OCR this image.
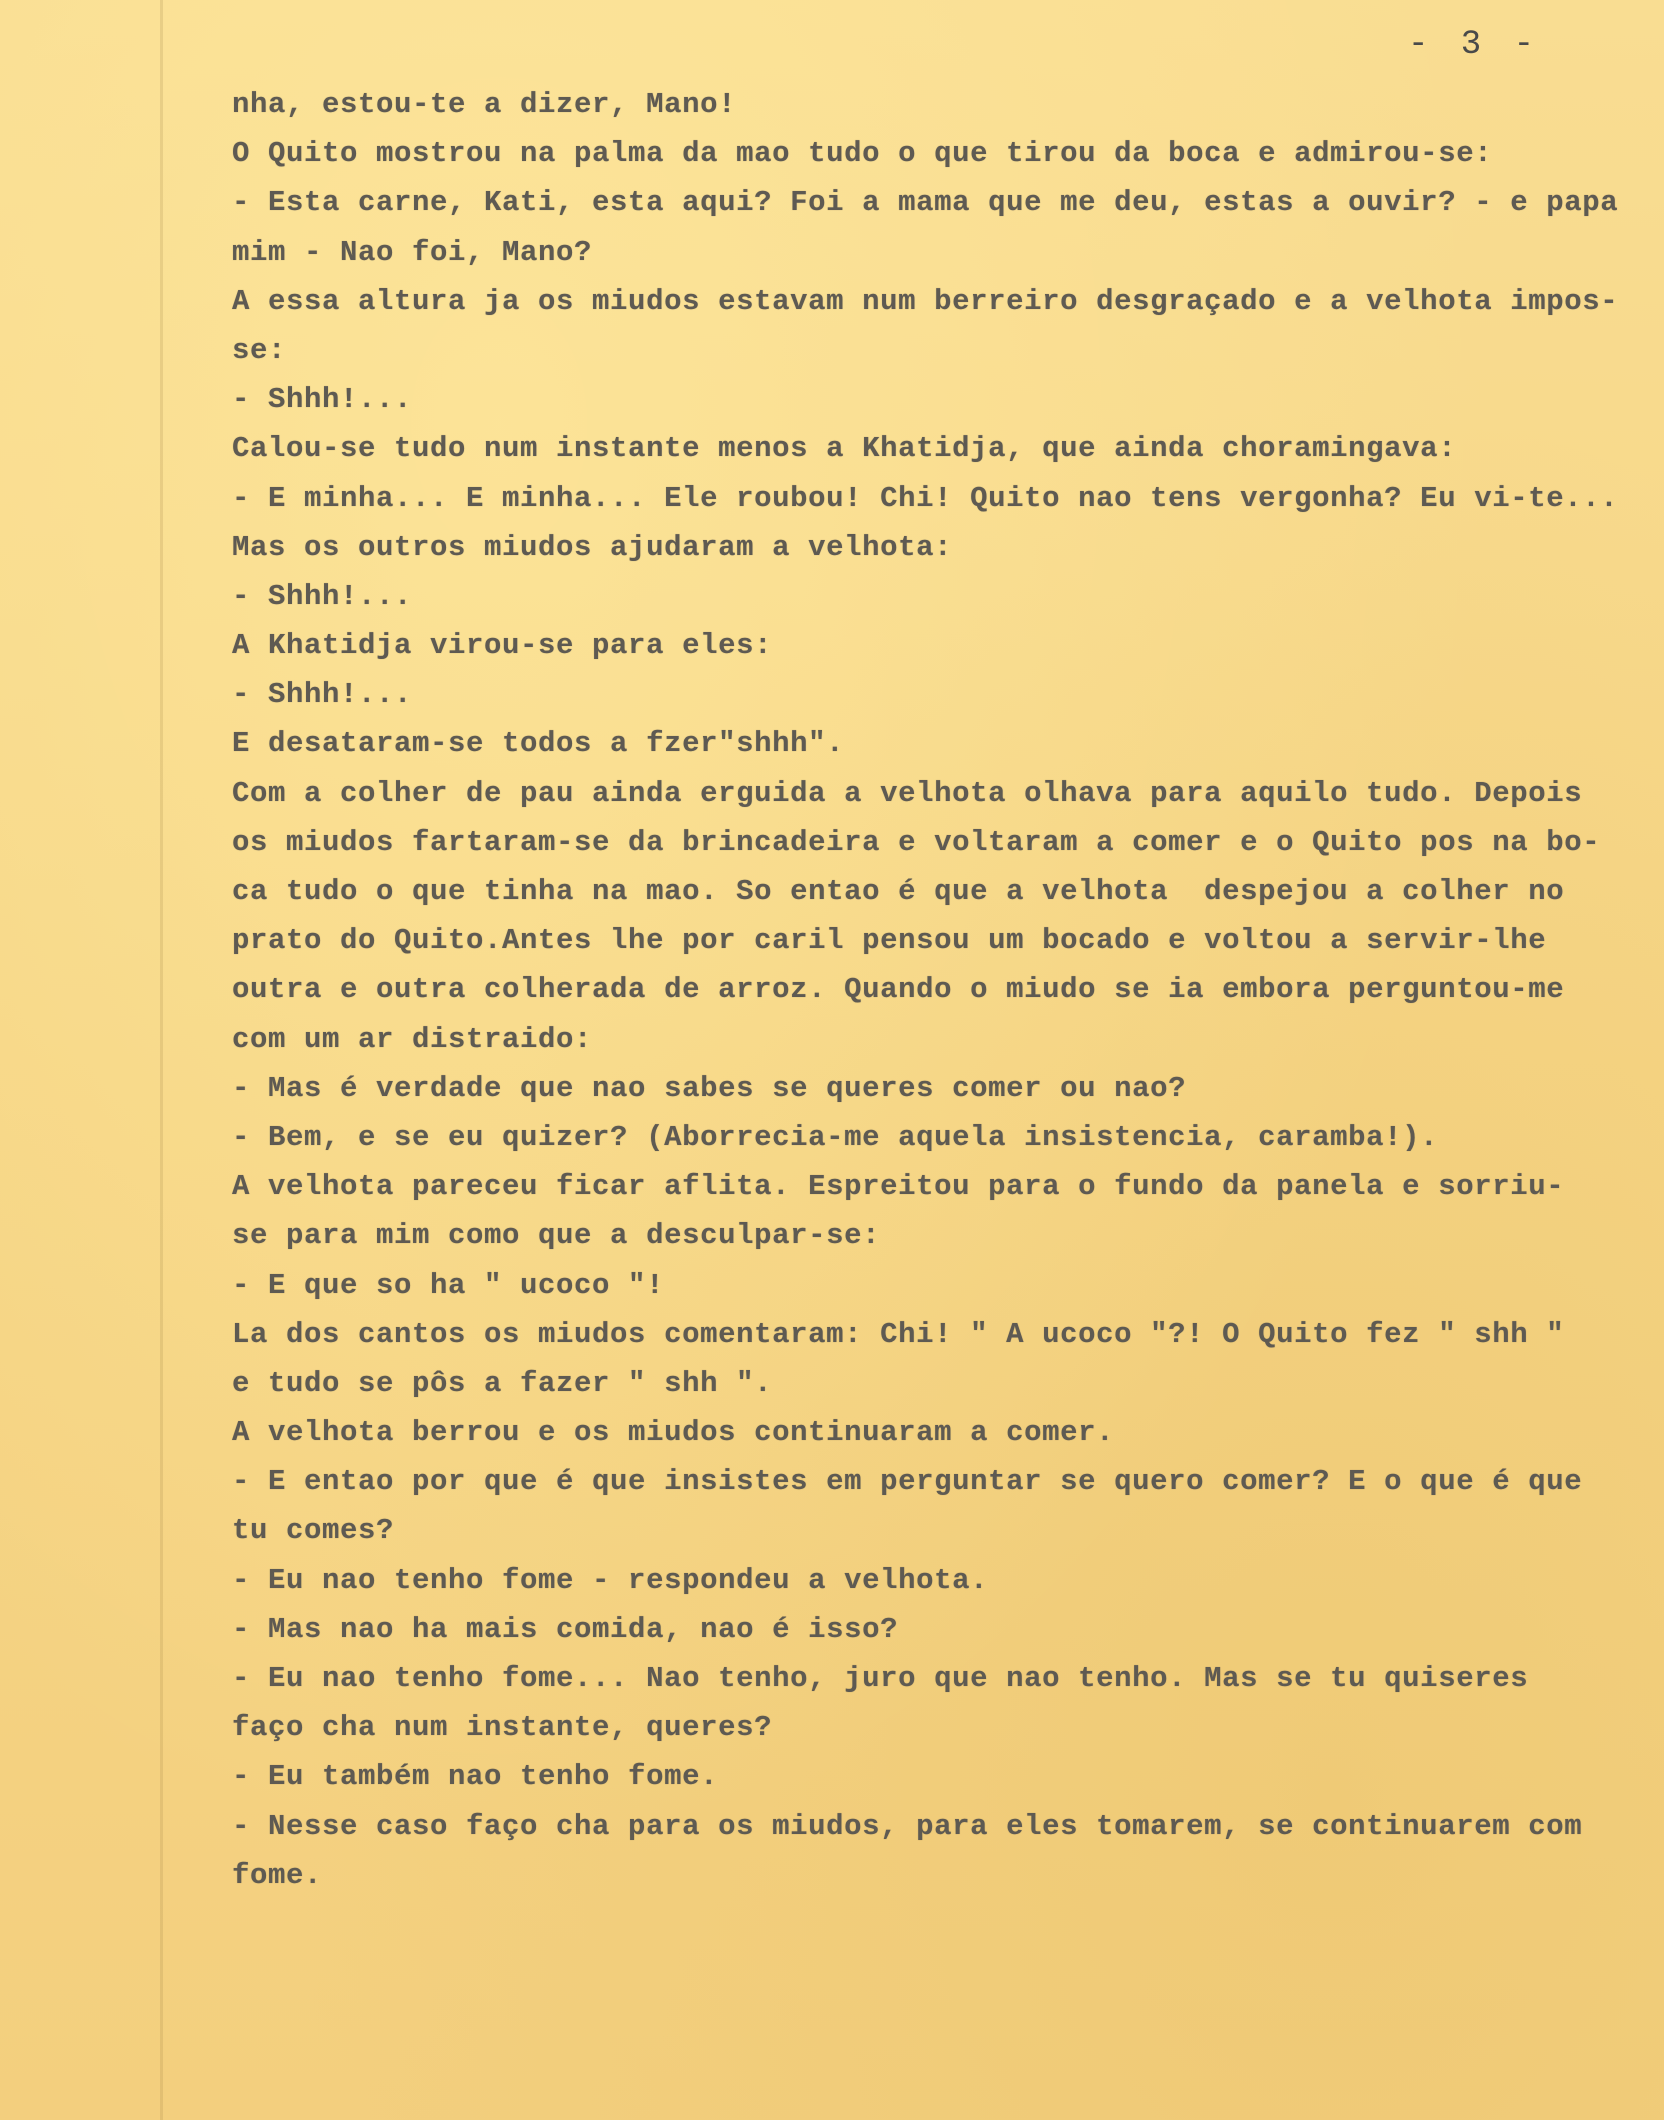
- 3 -
nha, estou-te a dizer, Mano!
O Quito mostrou na palma da mao tudo o que tirou da boca e admirou-se:
- Esta carne, Kati, esta aqui? Foi a mama que me deu, estas a ouvir? - e papa
mim - Nao foi, Mano?
A essa altura ja os miudos estavam num berreiro desgraçado e a velhota impos-
se:
- Shhh!...
Calou-se tudo num instante menos a Khatidja, que ainda choramingava:
- E minha... E minha... Ele roubou! Chi! Quito nao tens vergonha? Eu vi-te...
Mas os outros miudos ajudaram a velhota:
- Shhh!...
A Khatidja virou-se para eles:
- Shhh!...
E desataram-se todos a fzer"shhh".
Com a colher de pau ainda erguida a velhota olhava para aquilo tudo. Depois
os miudos fartaram-se da brincadeira e voltaram a comer e o Quito pos na bo-
ca tudo o que tinha na mao. So entao é que a velhota  despejou a colher no
prato do Quito.Antes lhe por caril pensou um bocado e voltou a servir-lhe
outra e outra colherada de arroz. Quando o miudo se ia embora perguntou-me
com um ar distraido:
- Mas é verdade que nao sabes se queres comer ou nao?
- Bem, e se eu quizer? (Aborrecia-me aquela insistencia, caramba!).
A velhota pareceu ficar aflita. Espreitou para o fundo da panela e sorriu-
se para mim como que a desculpar-se:
- E que so ha " ucoco "!
La dos cantos os miudos comentaram: Chi! " A ucoco "?! O Quito fez " shh "
e tudo se pôs a fazer " shh ".
A velhota berrou e os miudos continuaram a comer.
- E entao por que é que insistes em perguntar se quero comer? E o que é que
tu comes?
- Eu nao tenho fome - respondeu a velhota.
- Mas nao ha mais comida, nao é isso?
- Eu nao tenho fome... Nao tenho, juro que nao tenho. Mas se tu quiseres
faço cha num instante, queres?
- Eu também nao tenho fome.
- Nesse caso faço cha para os miudos, para eles tomarem, se continuarem com
fome.
